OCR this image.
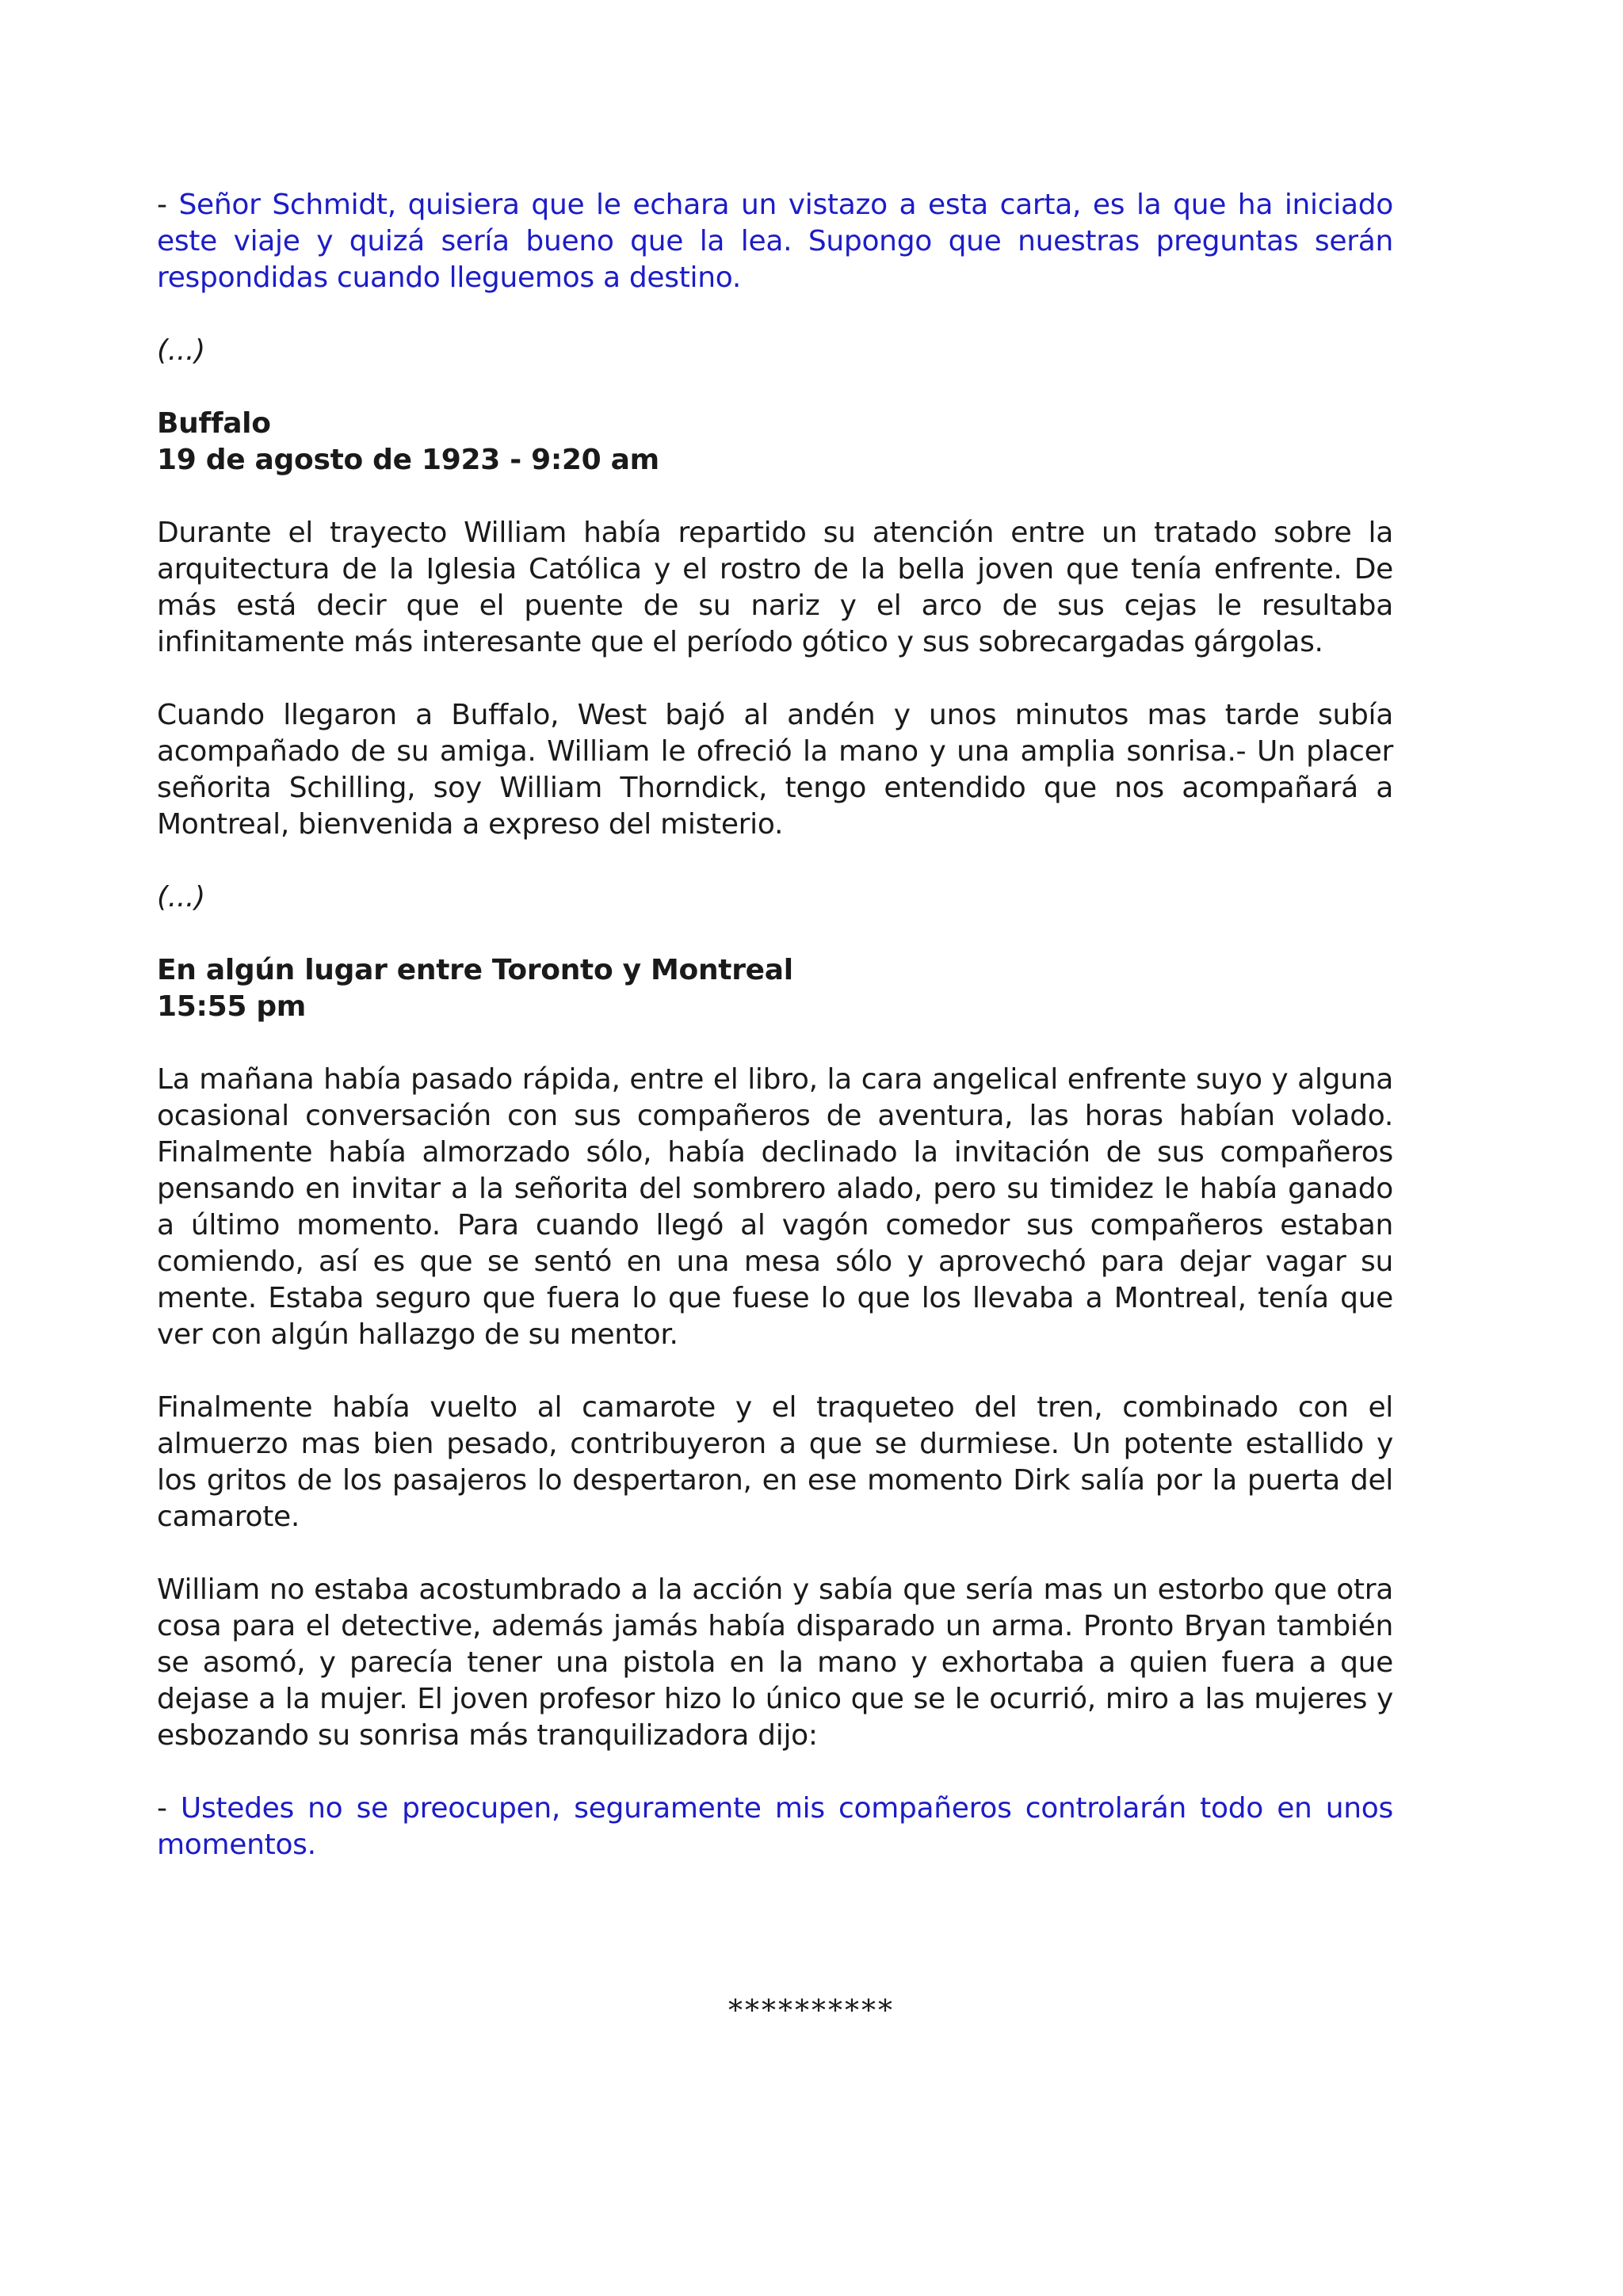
- Señor Schmidt, quisiera que le echara un vistazo a esta carta, es la que ha iniciado este viaje y quizá sería bueno que la lea. Supongo que nuestras preguntas serán respondidas cuando lleguemos a destino.

(...)

Buffalo

19 de agosto de 1923 - 9:20 am

Durante el trayecto William había repartido su atención entre un tratado sobre la arquitectura de la Iglesia Católica y el rostro de la bella joven que tenía enfrente. De más está decir que el puente de su nariz y el arco de sus cejas le resultaba infinitamente más interesante que el período gótico y sus sobrecargadas gárgolas.

Cuando llegaron a Buffalo, West bajó al andén y unos minutos mas tarde subía acompañado de su amiga. William le ofreció la mano y una amplia sonrisa.- Un placer señorita Schilling, soy William Thorndick, tengo entendido que nos acompañará a Montreal, bienvenida a expreso del misterio.

(...)

En algún lugar entre Toronto y Montreal

15:55 pm

La mañana había pasado rápida, entre el libro, la cara angelical enfrente suyo y alguna ocasional conversación con sus compañeros de aventura, las horas habían volado. Finalmente había almorzado sólo, había declinado la invitación de sus compañeros pensando en invitar a la señorita del sombrero alado, pero su timidez le había ganado a último momento. Para cuando llegó al vagón comedor sus compañeros estaban comiendo, así es que se sentó en una mesa sólo y aprovechó para dejar vagar su mente. Estaba seguro que fuera lo que fuese lo que los llevaba a Montreal, tenía que ver con algún hallazgo de su mentor.

Finalmente había vuelto al camarote y el traqueteo del tren, combinado con el almuerzo mas bien pesado, contribuyeron a que se durmiese. Un potente estallido y los gritos de los pasajeros lo despertaron, en ese momento Dirk salía por la puerta del camarote.

William no estaba acostumbrado a la acción y sabía que sería mas un estorbo que otra cosa para el detective, además jamás había disparado un arma. Pronto Bryan también se asomó, y parecía tener una pistola en la mano y exhortaba a quien fuera a que dejase a la mujer. El joven profesor hizo lo único que se le ocurrió, miro a las mujeres y esbozando su sonrisa más tranquilizadora dijo:

- Ustedes no se preocupen, seguramente mis compañeros controlarán todo en unos momentos.

**********
